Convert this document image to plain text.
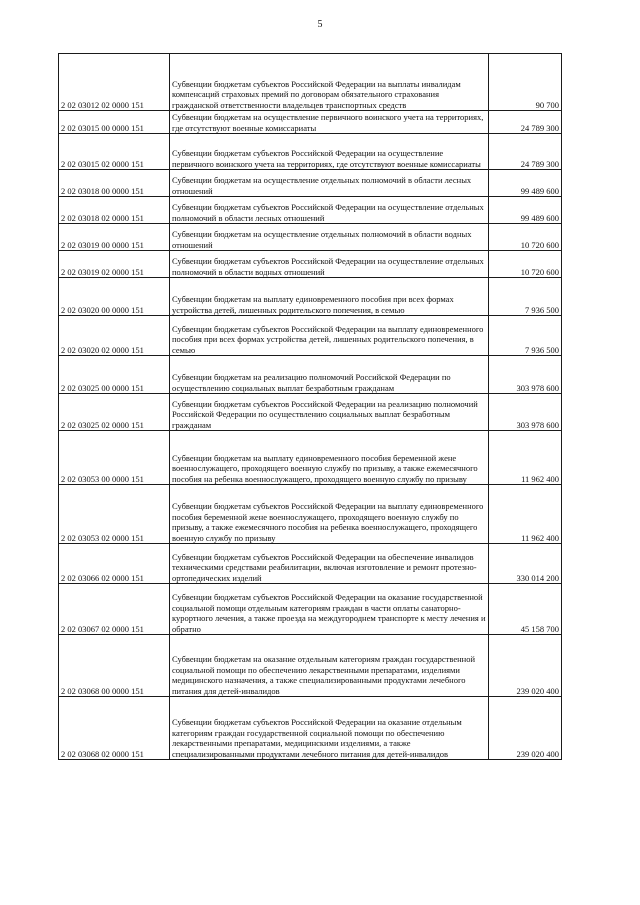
5
2 02 03012 02 0000 151	Субвенции бюджетам субъектов Российской Федерации на выплаты инвалидам компенсаций страховых премий по договорам обязательного страхования гражданской ответственности владельцев транспортных средств	90 700
2 02 03015 00 0000 151	Субвенции бюджетам на осуществление первичного воинского учета на территориях, где отсутствуют военные комиссариаты	24 789 300
2 02 03015 02 0000 151	Субвенции бюджетам субъектов Российской Федерации на осуществление первичного воинского учета на территориях, где отсутствуют военные комиссариаты	24 789 300
2 02 03018 00 0000 151	Субвенции бюджетам на осуществление отдельных полномочий в области лесных отношений	99 489 600
2 02 03018 02 0000 151	Субвенции бюджетам субъектов Российской Федерации на осуществление отдельных полномочий в области лесных отношений	99 489 600
2 02 03019 00 0000 151	Субвенции бюджетам на осуществление отдельных полномочий в области водных отношений	10 720 600
2 02 03019 02 0000 151	Субвенции бюджетам субъектов Российской Федерации на осуществление отдельных полномочий в области водных отношений	10 720 600
2 02 03020 00 0000 151	Субвенции бюджетам на выплату единовременного пособия при всех формах устройства детей, лишенных родительского попечения, в семью	7 936 500
2 02 03020 02 0000 151	Субвенции бюджетам субъектов Российской Федерации на выплату единовременного пособия при всех формах устройства детей, лишенных родительского попечения, в семью	7 936 500
2 02 03025 00 0000 151	Субвенции бюджетам на реализацию полномочий Российской Федерации по осуществлению социальных выплат безработным гражданам	303 978 600
2 02 03025 02 0000 151	Субвенции бюджетам субъектов Российской Федерации на реализацию полномочий Российской Федерации по осуществлению социальных выплат безработным гражданам	303 978 600
2 02 03053 00 0000 151	Субвенции бюджетам на выплату единовременного пособия беременной жене военнослужащего, проходящего военную службу по призыву, а также ежемесячного пособия на ребенка военнослужащего, проходящего военную службу по призыву	11 962 400
2 02 03053 02 0000 151	Субвенции бюджетам субъектов Российской Федерации на выплату единовременного пособия беременной жене военнослужащего, проходящего военную службу по призыву, а также ежемесячного пособия на ребенка военнослужащего, проходящего военную службу по призыву	11 962 400
2 02 03066 02 0000 151	Субвенции бюджетам субъектов Российской Федерации на обеспечение инвалидов техническими средствами реабилитации, включая изготовление и ремонт протезно-ортопедических изделий	330 014 200
2 02 03067 02 0000 151	Субвенции бюджетам субъектов Российской Федерации на оказание государственной социальной помощи отдельным категориям граждан в части оплаты санаторно-курортного лечения, а также проезда на междугороднем транспорте к месту лечения и обратно	45 158 700
2 02 03068 00 0000 151	Субвенции бюджетам на оказание отдельным категориям граждан государственной социальной помощи по обеспечению лекарственными препаратами, изделиями медицинского назначения, а также специализированными продуктами лечебного питания для детей-инвалидов	239 020 400
2 02 03068 02 0000 151	Субвенции бюджетам субъектов Российской Федерации на оказание отдельным категориям граждан государственной социальной помощи по обеспечению лекарственными препаратами, медицинскими изделиями, а также специализированными продуктами лечебного питания для детей-инвалидов	239 020 400
